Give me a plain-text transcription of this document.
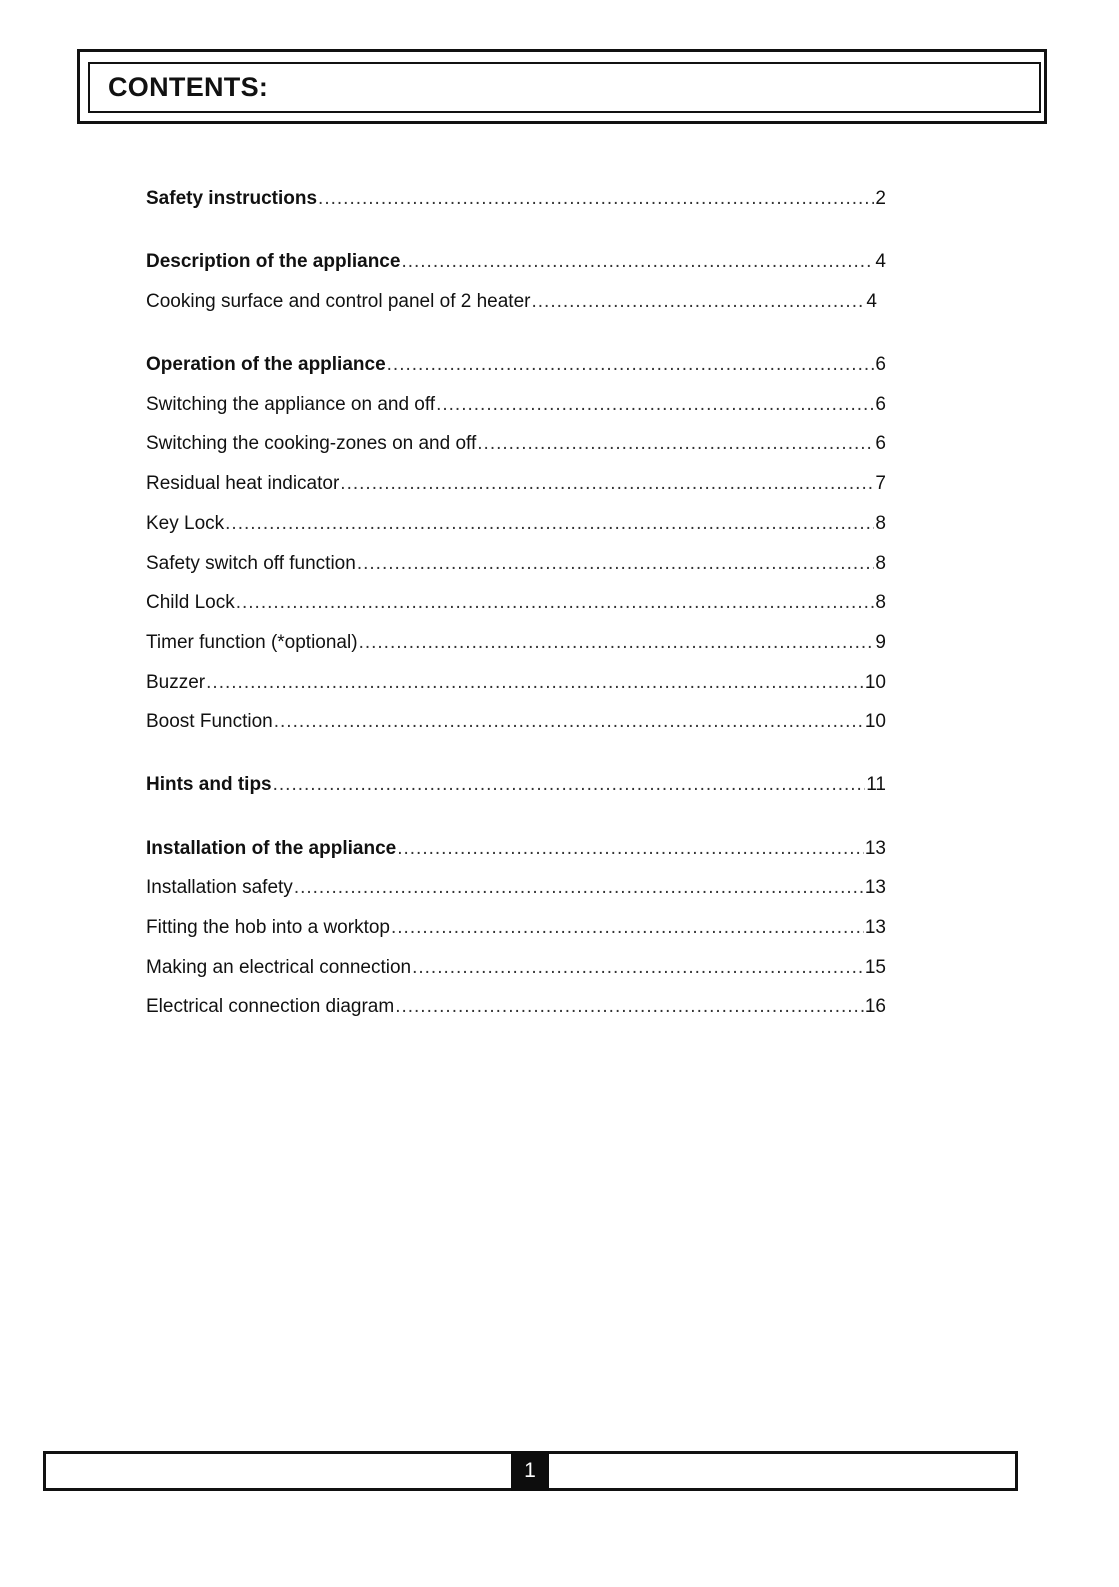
CONTENTS:
Safety instructions .....	2
Description of the appliance .....	4
Cooking surface and control panel of 2 heater .....	4
Operation of the appliance .....	6
Switching the appliance on and off .....	6
Switching the cooking-zones on and off .....	6
Residual heat indicator .....	7
Key Lock .....	8
Safety switch off function .....	8
Child Lock .....	8
Timer function (*optional) .....	9
Buzzer .....	10
Boost Function .....	10
Hints and tips .....	11
Installation of the appliance .....	13
Installation safety .....	13
Fitting the hob into a worktop .....	13
Making an electrical connection .....	15
Electrical connection diagram .....	16
1
